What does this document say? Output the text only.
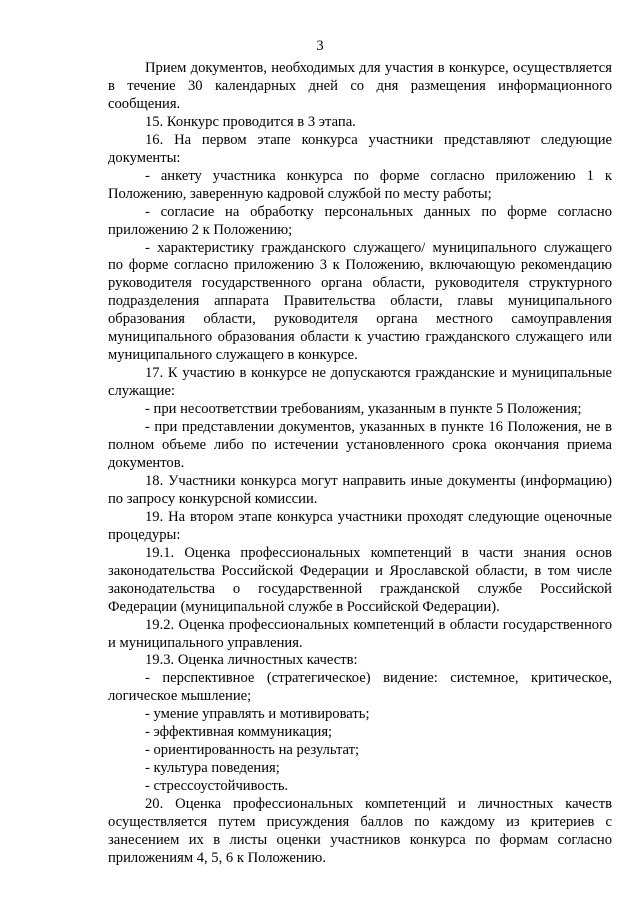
3

Прием документов, необходимых для участия в конкурсе, осуществляется в течение 30 календарных дней со дня размещения информационного сообщения.

15. Конкурс проводится в 3 этапа.

16. На первом этапе конкурса участники представляют следующие документы:

- анкету участника конкурса по форме согласно приложению 1 к Положению, заверенную кадровой службой по месту работы;

- согласие на обработку персональных данных по форме согласно приложению 2 к Положению;

- характеристику гражданского служащего/ муниципального служащего по форме согласно приложению 3 к Положению, включающую рекомендацию руководителя государственного органа области, руководителя структурного подразделения аппарата Правительства области, главы муниципального образования области, руководителя органа местного самоуправления муниципального образования области к участию гражданского служащего или муниципального служащего в конкурсе.

17. К участию в конкурсе не допускаются гражданские и муниципальные служащие:

- при несоответствии требованиям, указанным в пункте 5 Положения;

- при представлении документов, указанных в пункте 16 Положения, не в полном объеме либо по истечении установленного срока окончания приема документов.

18. Участники конкурса могут направить иные документы (информацию) по запросу конкурсной комиссии.

19. На втором этапе конкурса участники проходят следующие оценочные процедуры:

19.1. Оценка профессиональных компетенций в части знания основ законодательства Российской Федерации и Ярославской области, в том числе законодательства о государственной гражданской службе Российской Федерации (муниципальной службе в Российской Федерации).

19.2. Оценка профессиональных компетенций в области государственного и муниципального управления.

19.3. Оценка личностных качеств:

- перспективное (стратегическое) видение: системное, критическое, логическое мышление;

- умение управлять и мотивировать;

- эффективная коммуникация;

- ориентированность на результат;

- культура поведения;

- стрессоустойчивость.

20. Оценка профессиональных компетенций и личностных качеств осуществляется путем присуждения баллов по каждому из критериев с занесением их в листы оценки участников конкурса по формам согласно приложениям 4, 5, 6 к Положению.
